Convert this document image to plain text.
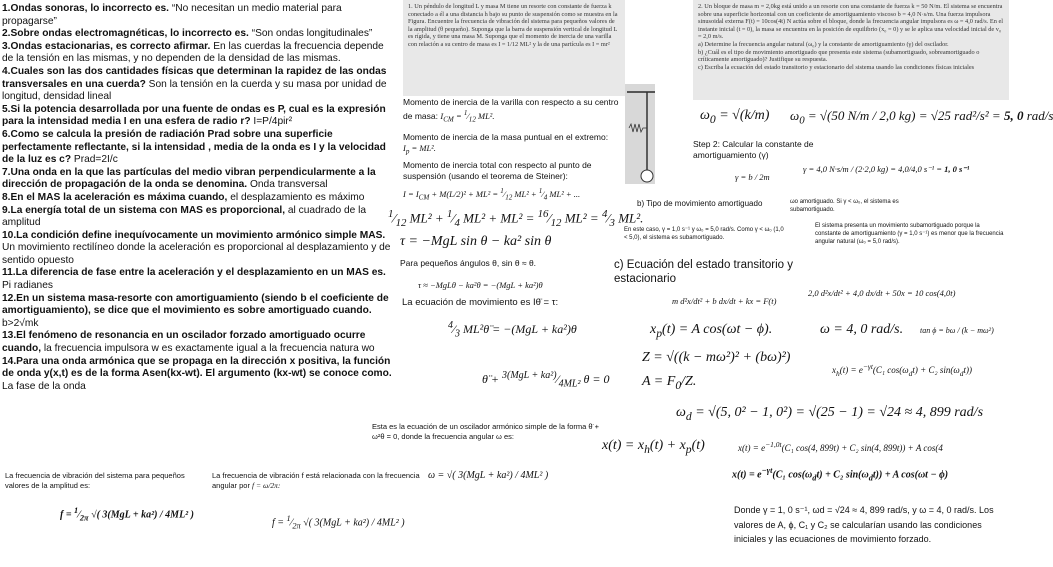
1.Ondas sonoras, lo incorrecto es. “No necesitan un medio material para propagarse”

2.Sobre ondas electromagnéticas, lo incorrecto es. “Son ondas longitudinales”

3.Ondas estacionarias, es correcto afirmar. En las cuerdas la frecuencia depende de la tensión en las mismas, y no dependen de la densidad de las mismas.

4.Cuales son las dos cantidades físicas que determinan la rapidez de las ondas transversales en una cuerda? Son la tensión en la cuerda y su masa por unidad de longitud, densidad lineal

5.Si la potencia desarrollada por una fuente de ondas es P, cual es la expresión para la intensidad media I en una esfera de radio r? I=P/4pir²

6.Como se calcula la presión de radiación Prad sobre una superficie perfectamente reflectante, si la intensidad , media de la onda es I y la velocidad de la luz es c? Prad=2I/c

7.Una onda en la que las partículas del medio vibran perpendicularmente a la dirección de propagación de la onda se denomina. Onda transversal

8.En el MAS la aceleración es máxima cuando, el desplazamiento es máximo

9.La energía total de un sistema con MAS es proporcional, al cuadrado de la amplitud

10.La condición define inequívocamente un movimiento armónico simple MAS. Un movimiento rectilíneo donde la aceleración es proporcional al desplazamiento y de sentido opuesto

11.La diferencia de fase entre la aceleración y el desplazamiento en un MAS es. Pi radianes

12.En un sistema masa-resorte con amortiguamiento (siendo b el coeficiente de amortiguamiento), se dice que el movimiento es sobre amortiguado cuando. b>2√mk

13.El fenómeno de resonancia en un oscilador forzado amortiguado ocurre cuando, la frecuencia impulsora w es exactamente igual a la frecuencia natura wo

14.Para una onda armónica que se propaga en la dirección x positiva, la función de onda y(x,t) es de la forma Asen(kx-wt). El argumento (kx-wt) se conoce como. La fase de la onda

1. Un péndulo de longitud L y masa M tiene un resorte con constante de fuerza k conectado a él a una distancia h bajo su punto de suspensión como se muestra en la Figura. Encuentre la frecuencia de vibración del sistema para pequeños valores de la amplitud (θ pequeño). Suponga que la barra de suspensión vertical de longitud L es rígida, y tiene una masa M. Suponga que el momento de inercia de una varilla con relación a su centro de masa es I = 1/12 ML² y la de una partícula es I = mr²
2. Un bloque de masa m = 2,0kg está unido a un resorte con una constante de fuerza k = 50 N/m. El sistema se encuentra sobre una superficie horizontal con un coeficiente de amortiguamiento viscoso b = 4,0 N·s/m. Una fuerza impulsora sinusoidal externa F(t) = 10cos(4t) N actúa sobre el bloque, donde la frecuencia angular impulsora es ω = 4,0 rad/s. En el instante inicial (t = 0), la masa se encuentra en la posición de equilibrio (x₀ = 0) y se le aplica una velocidad inicial de v₀ = 2,0 m/s.
a) Determine la frecuencia angular natural (ω₀) y la constante de amortiguamiento (γ) del oscilador.
b) ¿Cuál es el tipo de movimiento amortiguado que presenta este sistema (subamortiguado, sobreamortiguado o críticamente amortiguado)? Justifique su respuesta.
c) Escriba la ecuación del estado transitorio y estacionario del sistema usando las condiciones físicas iniciales
Momento de inercia de la varilla con respecto a su centro de masa: $I_{CM}$ = $^1⁄_{12}$ ML².
Momento de inercia de la masa puntual en el extremo: $I_p = ML^2$.
Momento de inercia total con respecto al punto de suspensión (usando el teorema de Steiner):
$I = I_{CM} + M(L/2)^2 + ML^2$ = $^1⁄_{12}$ $ML^2 + ^1⁄_4$ ML² + ...
$^1⁄_{12}$ $ML^2 + ^1⁄_4$ $ML^2 + ML^2 = ^{16}⁄_{12}$ $ML^2 = ^4⁄_3$ ML².
τ = −MgL sin θ − ka² sin θ
Para pequeños ángulos θ, sin θ ≈ θ.
τ ≈ −MgLθ − ka²θ = −(MgL + ka²)θ
La ecuación de movimiento es Iθ̈ = τ:
$^4⁄_3$ ML²θ̈ = −(MgL + ka²)θ
θ̈ + $^{3(MgL + ka^2)}⁄_{4ML^2}$ θ = 0
Esta es la ecuación de un oscilador armónico simple de la forma θ̈ + ω²θ = 0, donde la frecuencia angular ω es:
ω = √( 3(MgL + ka²) / 4ML² )
La frecuencia de vibración del sistema para pequeños valores de la amplitud es:
$f = ^1⁄_{2\pi}$ √( 3(MgL + ka²) / 4ML² )
La frecuencia de vibración f está relacionada con la frecuencia angular por f = ω/2π:
$f = ^1⁄_{2\pi}$ √( 3(MgL + ka²) / 4ML² )
$\omega_0 = √(k/m) \omega_0 = √(50$ N/m / 2,0 kg) = √25 rad²/s² = 5, 0 rad/s
Step 2: Calcular la constante de amortiguamiento (γ)
γ = b / 2m
γ = 4,0 N·s/m / (2·2,0 kg) = 4,0/4,0 s⁻¹ = 1, 0 s⁻¹
b) Tipo de movimiento amortiguado	ωo amortiguado. Si γ < ω₀, el sistema es subamortiguado.
En este caso, γ = 1,0 s⁻¹ y ω₀ = 5,0 rad/s. Como γ < ω₀ (1,0 < 5,0), el sistema es subamortiguado.
El sistema presenta un movimiento subamortiguado porque la constante de amortiguamiento (γ = 1,0 s⁻¹) es menor que la frecuencia angular natural (ω₀ = 5,0 rad/s).
c) Ecuación del estado transitorio y estacionario
m d²x/dt² + b dx/dt + kx = F(t)
2,0 d²x/dt² + 4,0 dx/dt + 50x = 10 cos(4,0t)
$x_p(t) = A$ cos(ωt − ϕ).	ω = 4, 0 rad/s. tan ϕ = bω / (k − mω²)
Z = √((k − mω²)² + (bω)²)
$x_h(t) = e^{-\gamma t}(C_1$ $\cos(\omega_dt) + C_2$ $\sin(\omega_dt)$)
$A = F_0/Z$.
$\omega_d = √(5$, 0² − 1, 0²) = √(25 − 1) = √24 ≈ 4, 899 rad/s
$x(t) = x_h(t) + x_p(t)$	$x(t) = e^{-1,0t}(C_1$ cos(4, 899t) + C₂ sin(4, 899t)) + A cos(4
$x(t) = e^{-\gamma t}(C_1$ $\cos(\omega_dt) + C_2$ $\sin(\omega_dt)) + A$ cos(ωt − ϕ)
Donde γ = 1, 0 s⁻¹, ωd = √24 ≈ 4, 899 rad/s, y ω = 4, 0 rad/s. Los valores de A, ϕ, C₁ y C₂ se calcularían usando las condiciones iniciales y las ecuaciones de movimiento forzado.
